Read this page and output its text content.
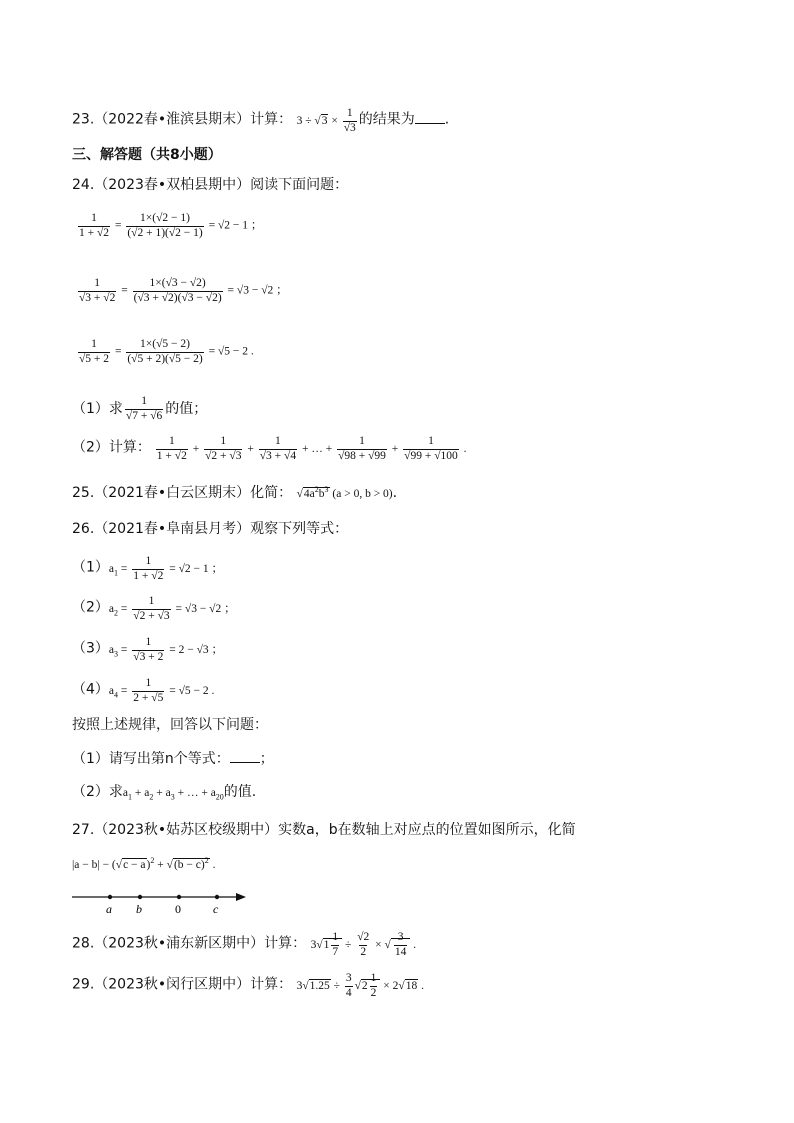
23.（2022春•淮滨县期末）计算： $3 \div √3 \times \frac{1}{√3}$ 的结果为 .
三、解答题（共8小题）
24.（2023春•双柏县期中）阅读下面问题：
$\frac{1}{1 + √2} = \frac{1\times(√2 - 1)}{(√2 + 1)(√2 - 1)} = √2 - 1$ ；
$\frac{1}{√3 + √2} = \frac{1\times(√3 - √2)}{(√3 + √2)(√3 - √2)} = √3 - √2$ ；
$\frac{1}{√5 + 2} = \frac{1\times(√5 - 2)}{(√5 + 2)(√5 - 2)} = √5 - 2$ .
（1）求 $\frac{1}{√7 + √6}$ 的值；
（2）计算： $\frac{1}{1 + √2} + \frac{1}{√2 + √3} + \frac{1}{√3 + √4}$ + … + $\frac{1}{√98 + √99} + \frac{1}{√99 + √100}$ .
25.（2021春•白云区期末）化简： $√4a^2b^3$ (a > 0, b > 0).
26.（2021春•阜南县月考）观察下列等式：
$(1)a_1 = \frac{1}{1 + √2} = √2 - 1$ ；
$(2)a_2 = \frac{1}{√2 + √3} = √3 - √2$ ；
$(3)a_3 = \frac{1}{√3 + 2} = 2 - √3$ ；
$(4)a_4 = \frac{1}{2 + √5} = √5 - 2$ .
按照上述规律，回答以下问题：
（1）请写出第n个等式： ；
（2）求$a_1 + a_2 + a_3$ + … + $a_{20}$的值.
27.（2023秋•姑苏区校级期中）实数a，b在数轴上对应点的位置如图所示，化简
$|a - b| - (√c - a)^2 + √(b - c)^2$ .
a b	0	c
28.（2023秋•浦东新区期中）计算： $3√1 \frac{1}{7} \div \frac{√2}{2}$ × √ $\frac{3}{14}$ .
29.（2023秋•闵行区期中）计算： $3√1.25 \div \frac{3}{4} √2 \frac{1}{2} \times 2√18$ .
